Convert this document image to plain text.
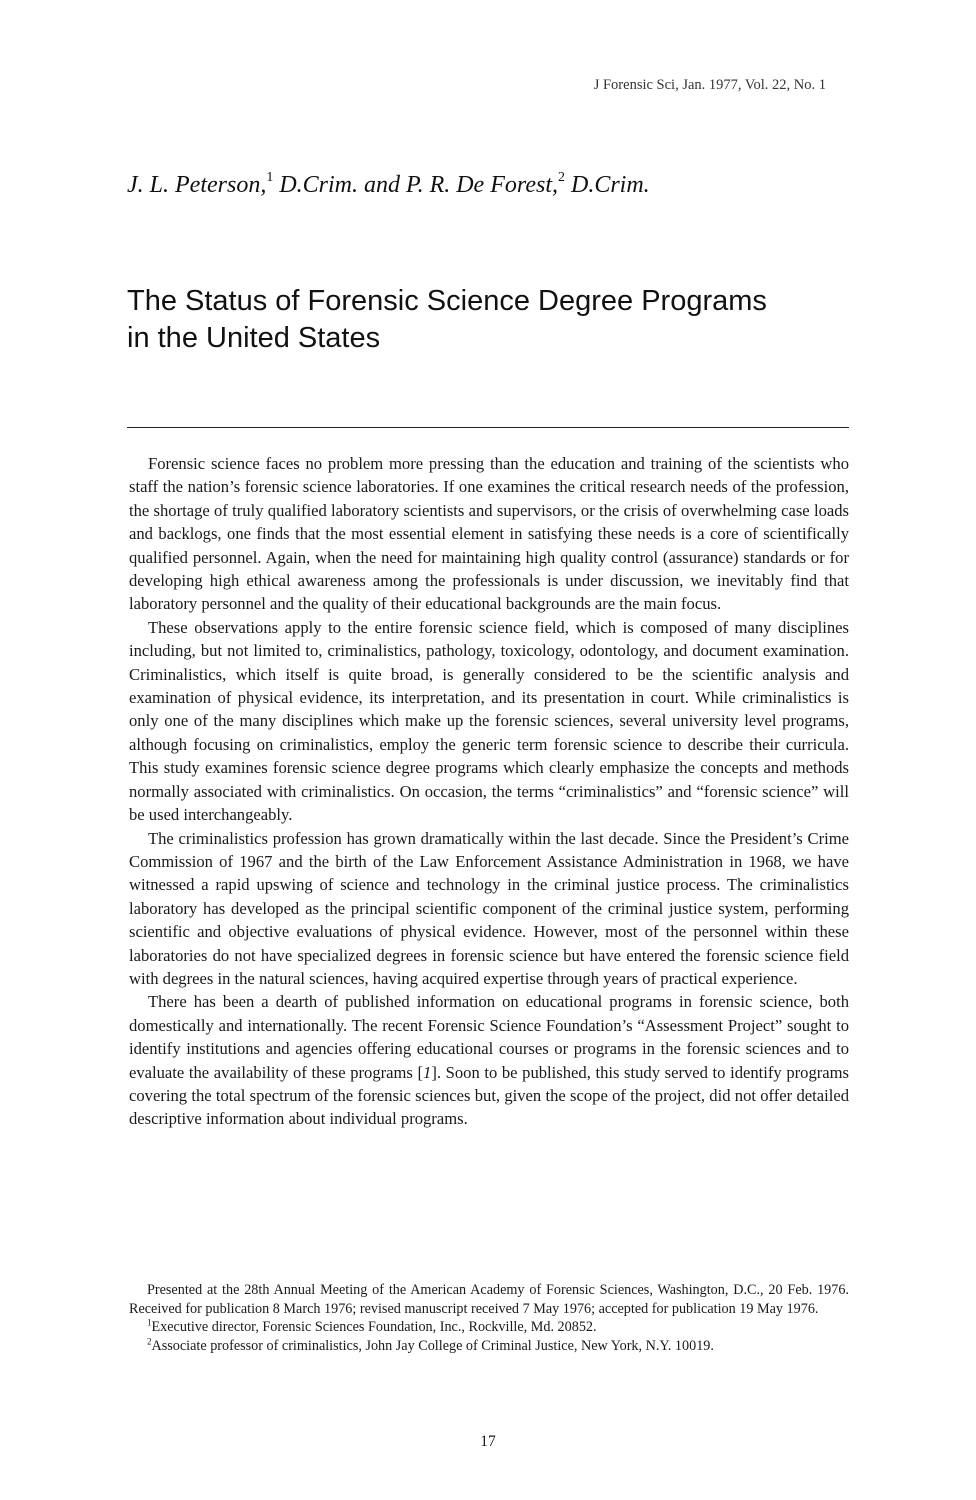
J Forensic Sci, Jan. 1977, Vol. 22, No. 1
J. L. Peterson,$^1$ D.Crim. and P. R. De Forest,$^2$ D.Crim.
The Status of Forensic Science Degree Programs
in the United States

Forensic science faces no problem more pressing than the education and training of the scientists who staff the nation’s forensic science laboratories. If one examines the critical research needs of the profession, the shortage of truly qualified laboratory scientists and supervisors, or the crisis of overwhelming case loads and backlogs, one finds that the most essential element in satisfying these needs is a core of scientifically qualified personnel. Again, when the need for maintaining high quality control (assurance) standards or for developing high ethical awareness among the professionals is under discussion, we inevitably find that laboratory personnel and the quality of their educational backgrounds are the main focus.

These observations apply to the entire forensic science field, which is composed of many disciplines including, but not limited to, criminalistics, pathology, toxicology, odontology, and document examination. Criminalistics, which itself is quite broad, is generally considered to be the scientific analysis and examination of physical evidence, its interpretation, and its presentation in court. While criminalistics is only one of the many disciplines which make up the forensic sciences, several university level programs, although focusing on criminalistics, employ the generic term forensic science to describe their curricula. This study examines forensic science degree programs which clearly emphasize the concepts and methods normally associated with criminalistics. On occasion, the terms “criminalistics” and “forensic science” will be used interchangeably.

The criminalistics profession has grown dramatically within the last decade. Since the President’s Crime Commission of 1967 and the birth of the Law Enforcement Assistance Administration in 1968, we have witnessed a rapid upswing of science and technology in the criminal justice process. The criminalistics laboratory has developed as the principal scientific component of the criminal justice system, performing scientific and objective evaluations of physical evidence. However, most of the personnel within these laboratories do not have specialized degrees in forensic science but have entered the forensic science field with degrees in the natural sciences, having acquired expertise through years of practical experience.

There has been a dearth of published information on educational programs in forensic science, both domestically and internationally. The recent Forensic Science Foundation’s “Assessment Project” sought to identify institutions and agencies offering educational courses or programs in the forensic sciences and to evaluate the availability of these programs [1]. Soon to be published, this study served to identify programs covering the total spectrum of the forensic sciences but, given the scope of the project, did not offer detailed descriptive information about individual programs.

Presented at the 28th Annual Meeting of the American Academy of Forensic Sciences, Washington, D.C., 20 Feb. 1976. Received for publication 8 March 1976; revised manuscript received 7 May 1976; accepted for publication 19 May 1976.

$^1$Executive director, Forensic Sciences Foundation, Inc., Rockville, Md. 20852.

$^2$Associate professor of criminalistics, John Jay College of Criminal Justice, New York, N.Y. 10019.

17
